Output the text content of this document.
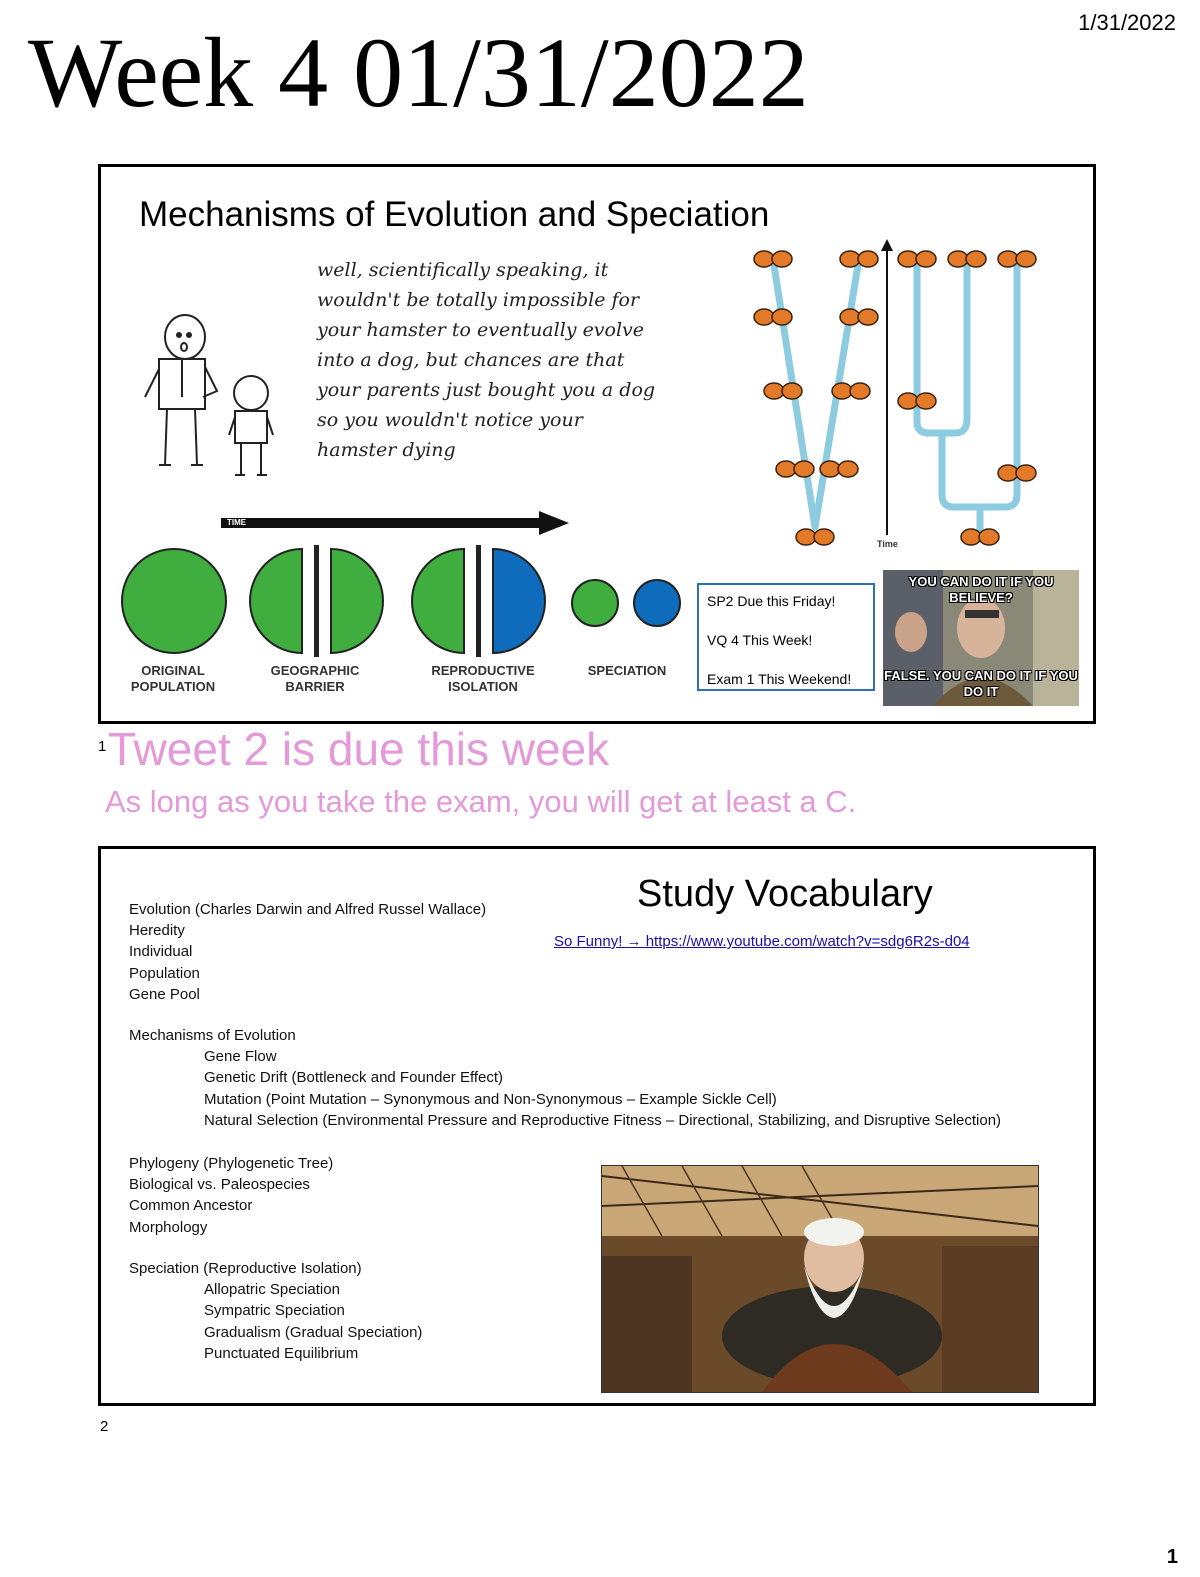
Week 4 01/31/2022	1/31/2022
Mechanisms of Evolution and Speciation
well, scientifically speaking, it wouldn't be totally impossible for your hamster to eventually evolve into a dog, but chances are that your parents just bought you a dog so you wouldn't notice your hamster dying
TIME
ORIGINAL
POPULATION
GEOGRAPHIC
BARRIER
REPRODUCTIVE
ISOLATION
SPECIATION
Time
SP2 Due this Friday!
VQ 4 This Week!
Exam 1 This Weekend!
YOU CAN DO IT IF YOU BELIEVE?
FALSE. YOU CAN DO IT IF YOU DO IT
1 Tweet 2 is due this week
As long as you take the exam, you will get at least a C.
Study Vocabulary
So Funny! → https://www.youtube.com/watch?v=sdg6R2s-d04
Evolution (Charles Darwin and Alfred Russel Wallace)
Heredity
Individual
Population
Gene Pool
Mechanisms of Evolution
Gene Flow
Genetic Drift (Bottleneck and Founder Effect)
Mutation (Point Mutation – Synonymous and Non-Synonymous – Example Sickle Cell)
Natural Selection (Environmental Pressure and Reproductive Fitness – Directional, Stabilizing, and Disruptive Selection)
Phylogeny (Phylogenetic Tree)
Biological vs. Paleospecies
Common Ancestor
Morphology
Speciation (Reproductive Isolation)
Allopatric Speciation
Sympatric Speciation
Gradualism (Gradual Speciation)
Punctuated Equilibrium
2
1
